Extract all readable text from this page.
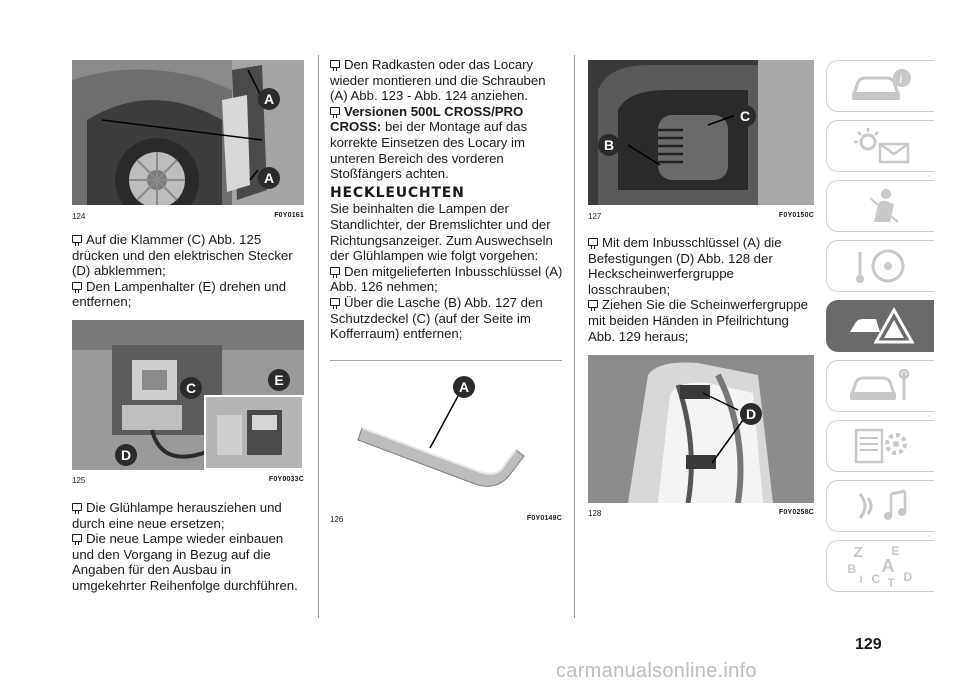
A
A
124	F0Y0161

Auf die Klammer (C) Abb. 125 drücken und den elektrischen Stecker (D) abklemmen;

Den Lampenhalter (E) drehen und entfernen;

C	E
D
125	F0Y0033C

Die Glühlampe herausziehen und durch eine neue ersetzen;

Die neue Lampe wieder einbauen und den Vorgang in Bezug auf die Angaben für den Ausbau in umgekehrter Reihenfolge durchführen.

Den Radkasten oder das Locary wieder montieren und die Schrauben (A) Abb. 123 - Abb. 124 anziehen.

Versionen 500L CROSS/PRO CROSS: bei der Montage auf das korrekte Einsetzen des Locary im unteren Bereich des vorderen Stoßfängers achten.

HECKLEUCHTEN

Sie beinhalten die Lampen der Standlichter, der Bremslichter und der Richtungsanzeiger. Zum Auswechseln der Glühlampen wie folgt vorgehen:

Den mitgelieferten Inbusschlüssel (A) Abb. 126 nehmen;

Über die Lasche (B) Abb. 127 den Schutzdeckel (C) (auf der Seite im Kofferraum) entfernen;

A
126	F0Y0149C
B
C
127	F0Y0150C

Mit dem Inbusschlüssel (A) die Befestigungen (D) Abb. 128 der Heckscheinwerfergruppe losschrauben;

Ziehen Sie die Scheinwerfergruppe mit beiden Händen in Pfeilrichtung Abb. 129 heraus;

D
128	F0Y0258C
i
Z E
B A
C D
I T
129
carmanualsonline.info
